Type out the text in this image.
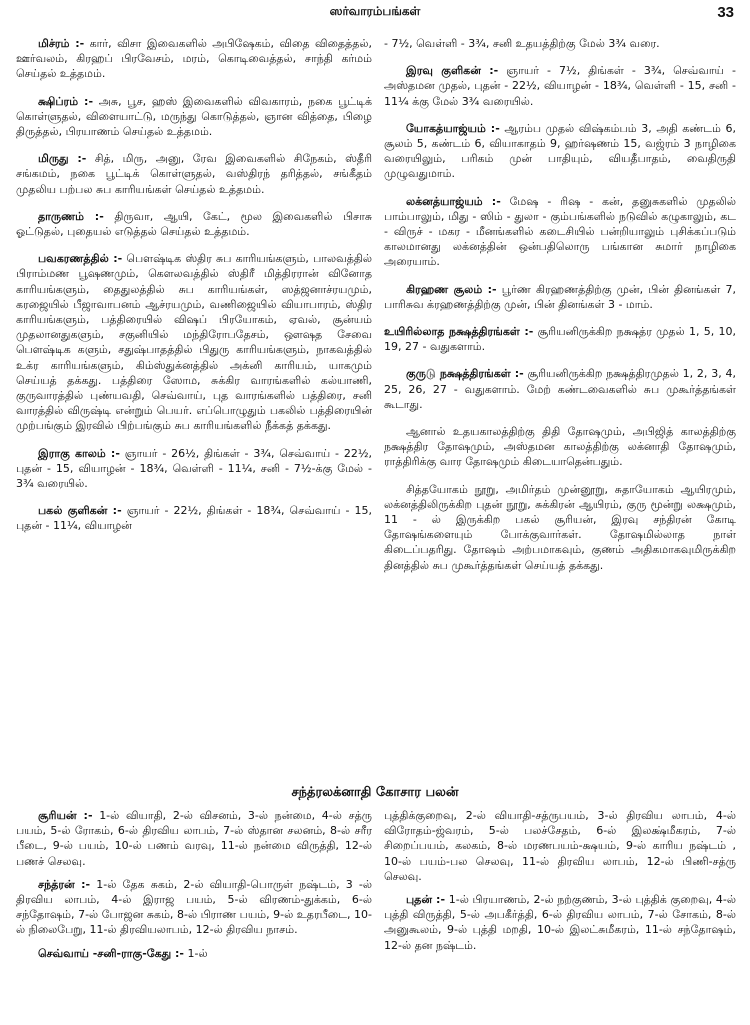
ஸர்வாரம்பங்கள்	33

மிச்ரம் :- கார், விசா இவைகளில் அபிஷேகம், விதை விதைத்தல், ஊர்வலம், கிரஹப் பிரவேசம், மரம், கொடிவைத்தல், சாந்தி கர்மம் செய்தல் உத்தமம்.

க்ஷிப்ரம் :- அசு, பூச, ஹஸ் இவைகளில் விவகாரம், நகை பூட்டிக் கொள்ளுதல், விளையாட்டு, மருந்து கொடுத்தல், ஞான வித்தை, பிழை திருத்தல், பிரயாணம் செய்தல் உத்தமம்.

மிருது :- சித், மிரு, அனு, ரேவ இவைகளில் சிநேகம், ஸ்தீரி சங்கமம், நகை பூட்டிக் கொள்ளுதல், வஸ்திரந் தரித்தல், சங்கீதம் முதலிய பற்பல சுப காரியங்கள் செய்தல் உத்தமம்.

தாருணம் :- திருவா, ஆயி, கேட், மூல இவைகளில் பிசாசு ஓட்டுதல், புதையல் எடுத்தல் செய்தல் உத்தமம்.

பவகரணத்தில் :- பௌஷ்டிக ஸ்திர சுப காரியங்களும், பாலவத்தில் பிராம்மண பூஷணமும், கௌலவத்தில் ஸ்திரீ மித்திரரான் வினோத காரியங்களும், தைதுலத்தில் சுப காரியங்கள், ஸத்ஜனாச்ரயமும், கரஜையில் பீஜாவாபனம் ஆச்ரயமும், வணிஜையில் வியாபாரம், ஸ்திர காரியங்களும், பத்திரையில் விஷப் பிரயோகம், ஏவல், சூன்யம் முதலானதுகளும், சகுனியில் மந்திரோபதேசம், ஔஷத சேவை பௌஷ்டிக களும், சதுஷ்பாதத்தில் பிதுரு காரியங்களும், நாகவத்தில் உக்ர காரியங்களும், கிம்ஸ்துக்னத்தில் அக்னி காரியம், யாகமும் செய்யத் தக்கது. பத்திரை ஸோம, சுக்கிர வாரங்களில் கல்யாணி, குருவாரத்தில் புண்யவதி, செவ்வாய், புத வாரங்களில் பத்திரை, சனி வாரத்தில் விருஷ்டி என்றும் பெயர். எப்பொழுதும் பகலில் பத்திரையின் முற்பங்கும் இரவில் பிற்பங்கும் சுப காரியங்களில் நீக்கத் தக்கது.

இராகு காலம் :- ஞாயர் - 26½, திங்கள் - 3¾, செவ்வாய் - 22½, புதன் - 15, வியாழன் - 18¾, வெள்ளி - 11¼, சனி - 7½-க்கு மேல் - 3¾ வரையில்.

பகல் குளிகன் :- ஞாயர் - 22½, திங்கள் - 18¾, செவ்வாய் - 15, புதன் - 11¼, வியாழன்

- 7½, வெள்ளி - 3¾, சனி உதயத்திற்கு மேல் 3¾ வரை.

இரவு குளிகன் :- ஞாயர் - 7½, திங்கள் - 3¾, செவ்வாய் - அஸ்தமன முதல், புதன் - 22½, வியாழன் - 18¾, வெள்ளி - 15, சனி - 11¼ க்கு மேல் 3¾ வரையில்.

யோகத்யாஜ்யம் :- ஆரம்ப முதல் விஷ்கம்பம் 3, அதி கண்டம் 6, சூலம் 5, கண்டம் 6, வியாகாதம் 9, ஹர்ஷணம் 15, வஜ்ரம் 3 நாழிகை வரையிலும், பரிகம் முன் பாதியும், வியதீபாதம், வைதிருதி முழுவதுமாம்.

லக்னத்யாஜ்யம் :- மேஷ - ரிஷ - கன், தனுசுகளில் முதலில் பாம்பாலும், மிது - ஸிம் - துலா - கும்பங்களில் நடுவில் கழுகாலும், கட - விருச் - மகர - மீனங்களில் கடைசியில் பன்றியாலும் புசிக்கப்படும் காலமானது லக்னத்தின் ஒன்பதிலொரு பங்கான சுமார் நாழிகை அரையாம்.

கிரஹண சூலம் :- பூர்ண கிரஹணத்திற்கு முன், பின் தினங்கள் 7, பாரிசுவ க்ரஹணத்திற்கு முன், பின் தினங்கள் 3 - மாம்.

உயிரில்லாத நக்ஷத்திரங்கள் :- சூரியனிருக்கிற நக்ஷத்ர முதல் 1, 5, 10, 19, 27 - வதுகளாம்.

குருடு நக்ஷத்திரங்கள் :- சூரியனிருக்கிற நக்ஷத்திரமுதல் 1, 2, 3, 4, 25, 26, 27 - வதுகளாம். மேற் கண்டவைகளில் சுப முகூர்த்தங்கள் கூடாது.

ஆனால் உதயகாலத்திற்கு திதி தோஷமும், அபிஜித் காலத்திற்கு நக்ஷத்திர தோஷமும், அஸ்தமன காலத்திற்கு லக்னாதி தோஷமும், ராத்திரிக்கு வார தோஷமும் கிடையாதென்பதும்.

சித்தயோகம் நூறு, அமிர்தம் முன்னூறு, சுதாயோகம் ஆயிரமும், லக்னத்திலிருக்கிற புதன் நூறு, சுக்கிரன் ஆயிரம், குரு மூன்று லக்ஷமும், 11 - ல் இருக்கிற பகல் சூரியன், இரவு சந்திரன் கோடி தோஷங்களையும் போக்குவார்கள். தோஷமில்லாத நாள் கிடைப்பதரிது. தோஷம் அற்பமாகவும், குணம் அதிகமாகவுமிருக்கிற தினத்தில் சுப முகூர்த்தங்கள் செய்யத் தக்கது.

சந்த்ரலக்னாதி கோசார பலன்

சூரியன் :- 1-ல் வியாதி, 2-ல் விசனம், 3-ல் நன்மை, 4-ல் சத்ரு பயம், 5-ல் ரோகம், 6-ல் திரவிய லாபம், 7-ல் ஸ்தான சலனம், 8-ல் சரீர பீடை, 9-ல் பயம், 10-ல் பணம் வரவு, 11-ல் நன்மை விருத்தி, 12-ல் பணச் செலவு.

சந்த்ரன் :- 1-ல் தேக சுகம், 2-ல் வியாதி-பொருள் நஷ்டம், 3 -ல் திரவிய லாபம், 4-ல் இராஜ பயம், 5-ல் விரணம்-துக்கம், 6-ல் சந்தோஷம், 7-ல் போஜன சுகம், 8-ல் பிராண பயம், 9-ல் உதரபீடை, 10-ல் நிலைபேறு, 11-ல் திரவியலாபம், 12-ல் திரவிய நாசம்.

செவ்வாய் -சனி-ராகு-கேது :- 1-ல்

புத்திக்குறைவு, 2-ல் வியாதி-சத்ருபயம், 3-ல் திரவிய லாபம், 4-ல் விரோதம்-ஜ்வரம், 5-ல் பலச்சேதம், 6-ல் இலக்ஷ்மீகரம், 7-ல் சிறைப்பயம், கலகம், 8-ல் மரணபயம்-க்ஷயம், 9-ல் காரிய நஷ்டம் , 10-ல் பயம்-பல செலவு, 11-ல் திரவிய லாபம், 12-ல் பிணி-சத்ரு செலவு.

புதன் :- 1-ல் பிரயாணம், 2-ல் நற்குணம், 3-ல் புத்திக் குறைவு, 4-ல் புத்தி விருத்தி, 5-ல் அபகீர்த்தி, 6-ல் திரவிய லாபம், 7-ல் சோகம், 8-ல் அனுகூலம், 9-ல் புத்தி மறதி, 10-ல் இலட்சுமீகரம், 11-ல் சந்தோஷம், 12-ல் தன நஷ்டம்.
